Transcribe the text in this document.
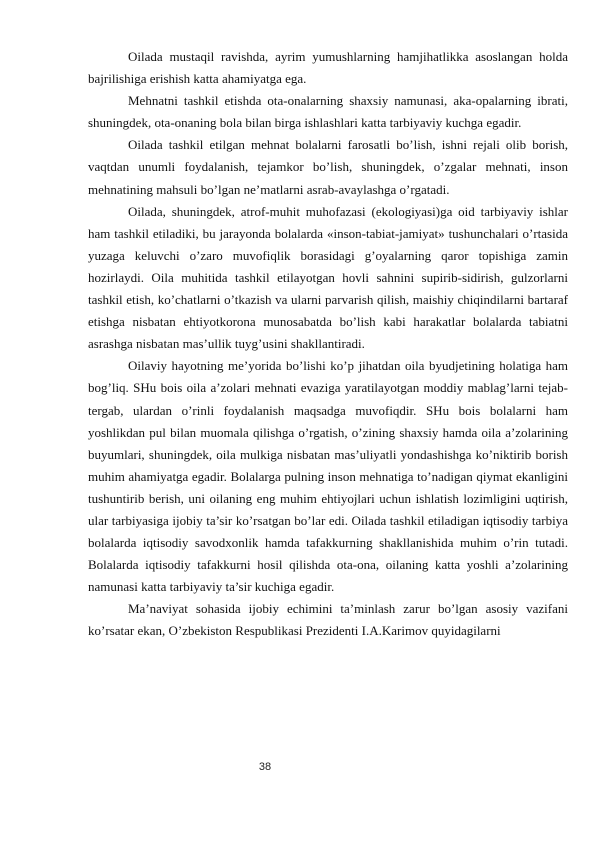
Oilada mustaqil ravishda, ayrim yumushlarning hamjihatlikka asoslangan holda bajrilishiga erishish katta ahamiyatga ega.

Mehnatni tashkil etishda ota-onalarning shaxsiy namunasi, aka-opalarning ibrati, shuningdek, ota-onaning bola bilan birga ishlashlari katta tarbiyaviy kuchga egadir.

Oilada tashkil etilgan mehnat bolalarni farosatli bo’lish, ishni rejali olib borish, vaqtdan unumli foydalanish, tejamkor bo’lish, shuningdek, o’zgalar mehnati, inson mehnatining mahsuli bo’lgan ne’matlarni asrab-avaylashga o’rgatadi.

Oilada, shuningdek, atrof-muhit muhofazasi (ekologiyasi)ga oid tarbiyaviy ishlar ham tashkil etiladiki, bu jarayonda bolalarda «inson-tabiat-jamiyat» tushunchalari o’rtasida yuzaga keluvchi o’zaro muvofiqlik borasidagi g’oyalarning qaror topishiga zamin hozirlaydi. Oila muhitida tashkil etilayotgan hovli sahnini supirib-sidirish, gulzorlarni tashkil etish, ko’chatlarni o’tkazish va ularni parvarish qilish, maishiy chiqindilarni bartaraf etishga nisbatan ehtiyotkorona munosabatda bo’lish kabi harakatlar bolalarda tabiatni asrashga nisbatan mas’ullik tuyg’usini shakllantiradi.

Oilaviy hayotning me’yorida bo’lishi ko’p jihatdan oila byudjetining holatiga ham bog’liq. SHu bois oila a’zolari mehnati evaziga yaratilayotgan moddiy mablag’larni tejab-tergab, ulardan o’rinli foydalanish maqsadga muvofiqdir. SHu bois bolalarni ham yoshlikdan pul bilan muomala qilishga o’rgatish, o’zining shaxsiy hamda oila a’zolarining buyumlari, shuningdek, oila mulkiga nisbatan mas’uliyatli yondashishga ko’niktirib borish muhim ahamiyatga egadir. Bolalarga pulning inson mehnatiga to’nadigan qiymat ekanligini tushuntirib berish, uni oilaning eng muhim ehtiyojlari uchun ishlatish lozimligini uqtirish, ular tarbiyasiga ijobiy ta’sir ko’rsatgan bo’lar edi. Oilada tashkil etiladigan iqtisodiy tarbiya bolalarda iqtisodiy savodxonlik hamda tafakkurning shakllanishida muhim o’rin tutadi. Bolalarda iqtisodiy tafakkurni hosil qilishda ota-ona, oilaning katta yoshli a’zolarining namunasi katta tarbiyaviy ta’sir kuchiga egadir.

Ma’naviyat sohasida ijobiy echimini ta’minlash zarur bo’lgan asosiy vazifani ko’rsatar ekan, O’zbekiston Respublikasi Prezidenti I.A.Karimov quyidagilarni

38
